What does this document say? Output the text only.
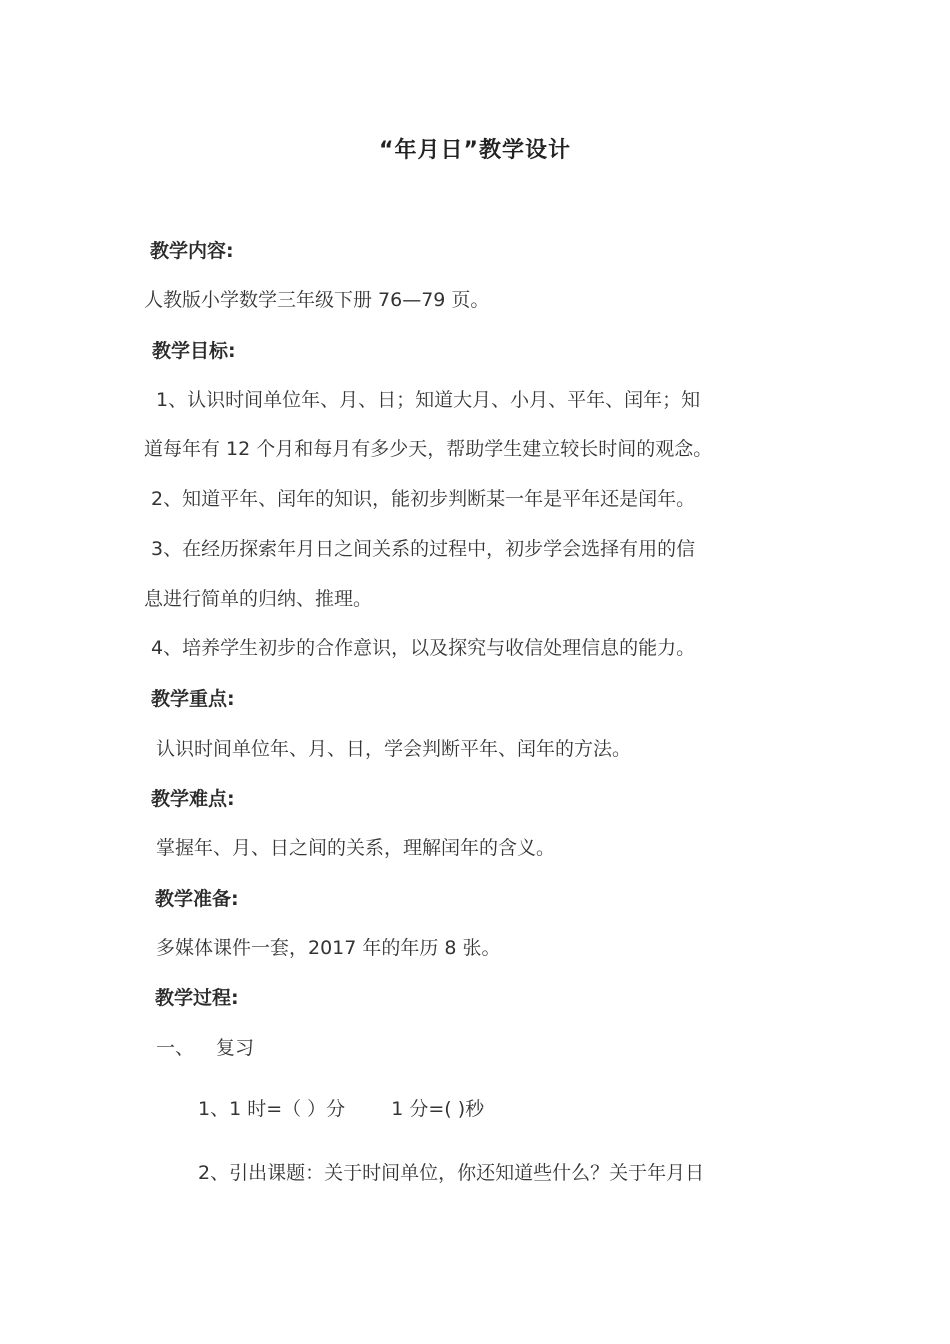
“年月日”教学设计
教学内容:
人教版小学数学三年级下册 76—79 页。
教学目标:
1、认识时间单位年、月、日；知道大月、小月、平年、闰年；知
道每年有 12 个月和每月有多少天，帮助学生建立较长时间的观念。
2、知道平年、闰年的知识，能初步判断某一年是平年还是闰年。
3、在经历探索年月日之间关系的过程中，初步学会选择有用的信
息进行简单的归纳、推理。
4、培养学生初步的合作意识，以及探究与收信处理信息的能力。
教学重点:
认识时间单位年、月、日，学会判断平年、闰年的方法。
教学难点:
掌握年、月、日之间的关系，理解闰年的含义。
教学准备:
多媒体课件一套，2017 年的年历 8 张。
教学过程:
一、 复习
1、1 时=（ ）分 1 分=( )秒
2、引出课题：关于时间单位，你还知道些什么？关于年月日
